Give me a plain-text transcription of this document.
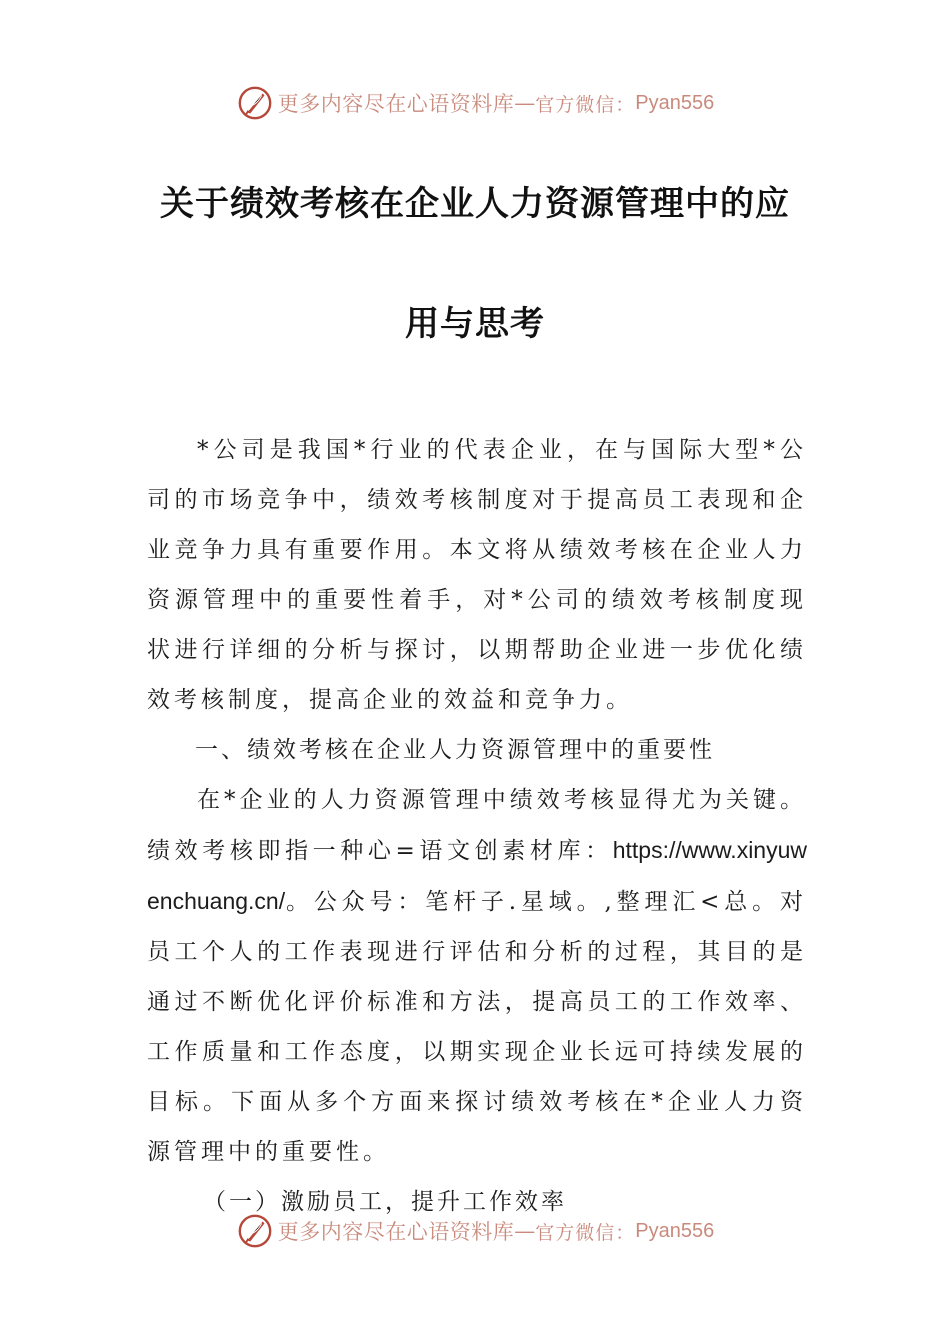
更多内容尽在心语资料库 — 官方微信： Pyan556
关于绩效考核在企业人力资源管理中的应
用与思考

*公司是我国*行业的代表企业，在与国际大型*公司的市场竞争中，绩效考核制度对于提高员工表现和企业竞争力具有重要作用。本文将从绩效考核在企业人力资源管理中的重要性着手，对*公司的绩效考核制度现状进行详细的分析与探讨，以期帮助企业进一步优化绩效考核制度，提高企业的效益和竞争力。

一、绩效考核在企业人力资源管理中的重要性

在*企业的人力资源管理中绩效考核显得尤为关键。绩效考核即指一种心=语文创素材库：https://www.xinyuwenchuang.cn/。公众号：笔杆子.星域。,整理汇<总。对员工个人的工作表现进行评估和分析的过程，其目的是通过不断优化评价标准和方法，提高员工的工作效率、工作质量和工作态度，以期实现企业长远可持续发展的目标。下面从多个方面来探讨绩效考核在*企业人力资源管理中的重要性。

（一）激励员工，提升工作效率

更多内容尽在心语资料库 — 官方微信： Pyan556
